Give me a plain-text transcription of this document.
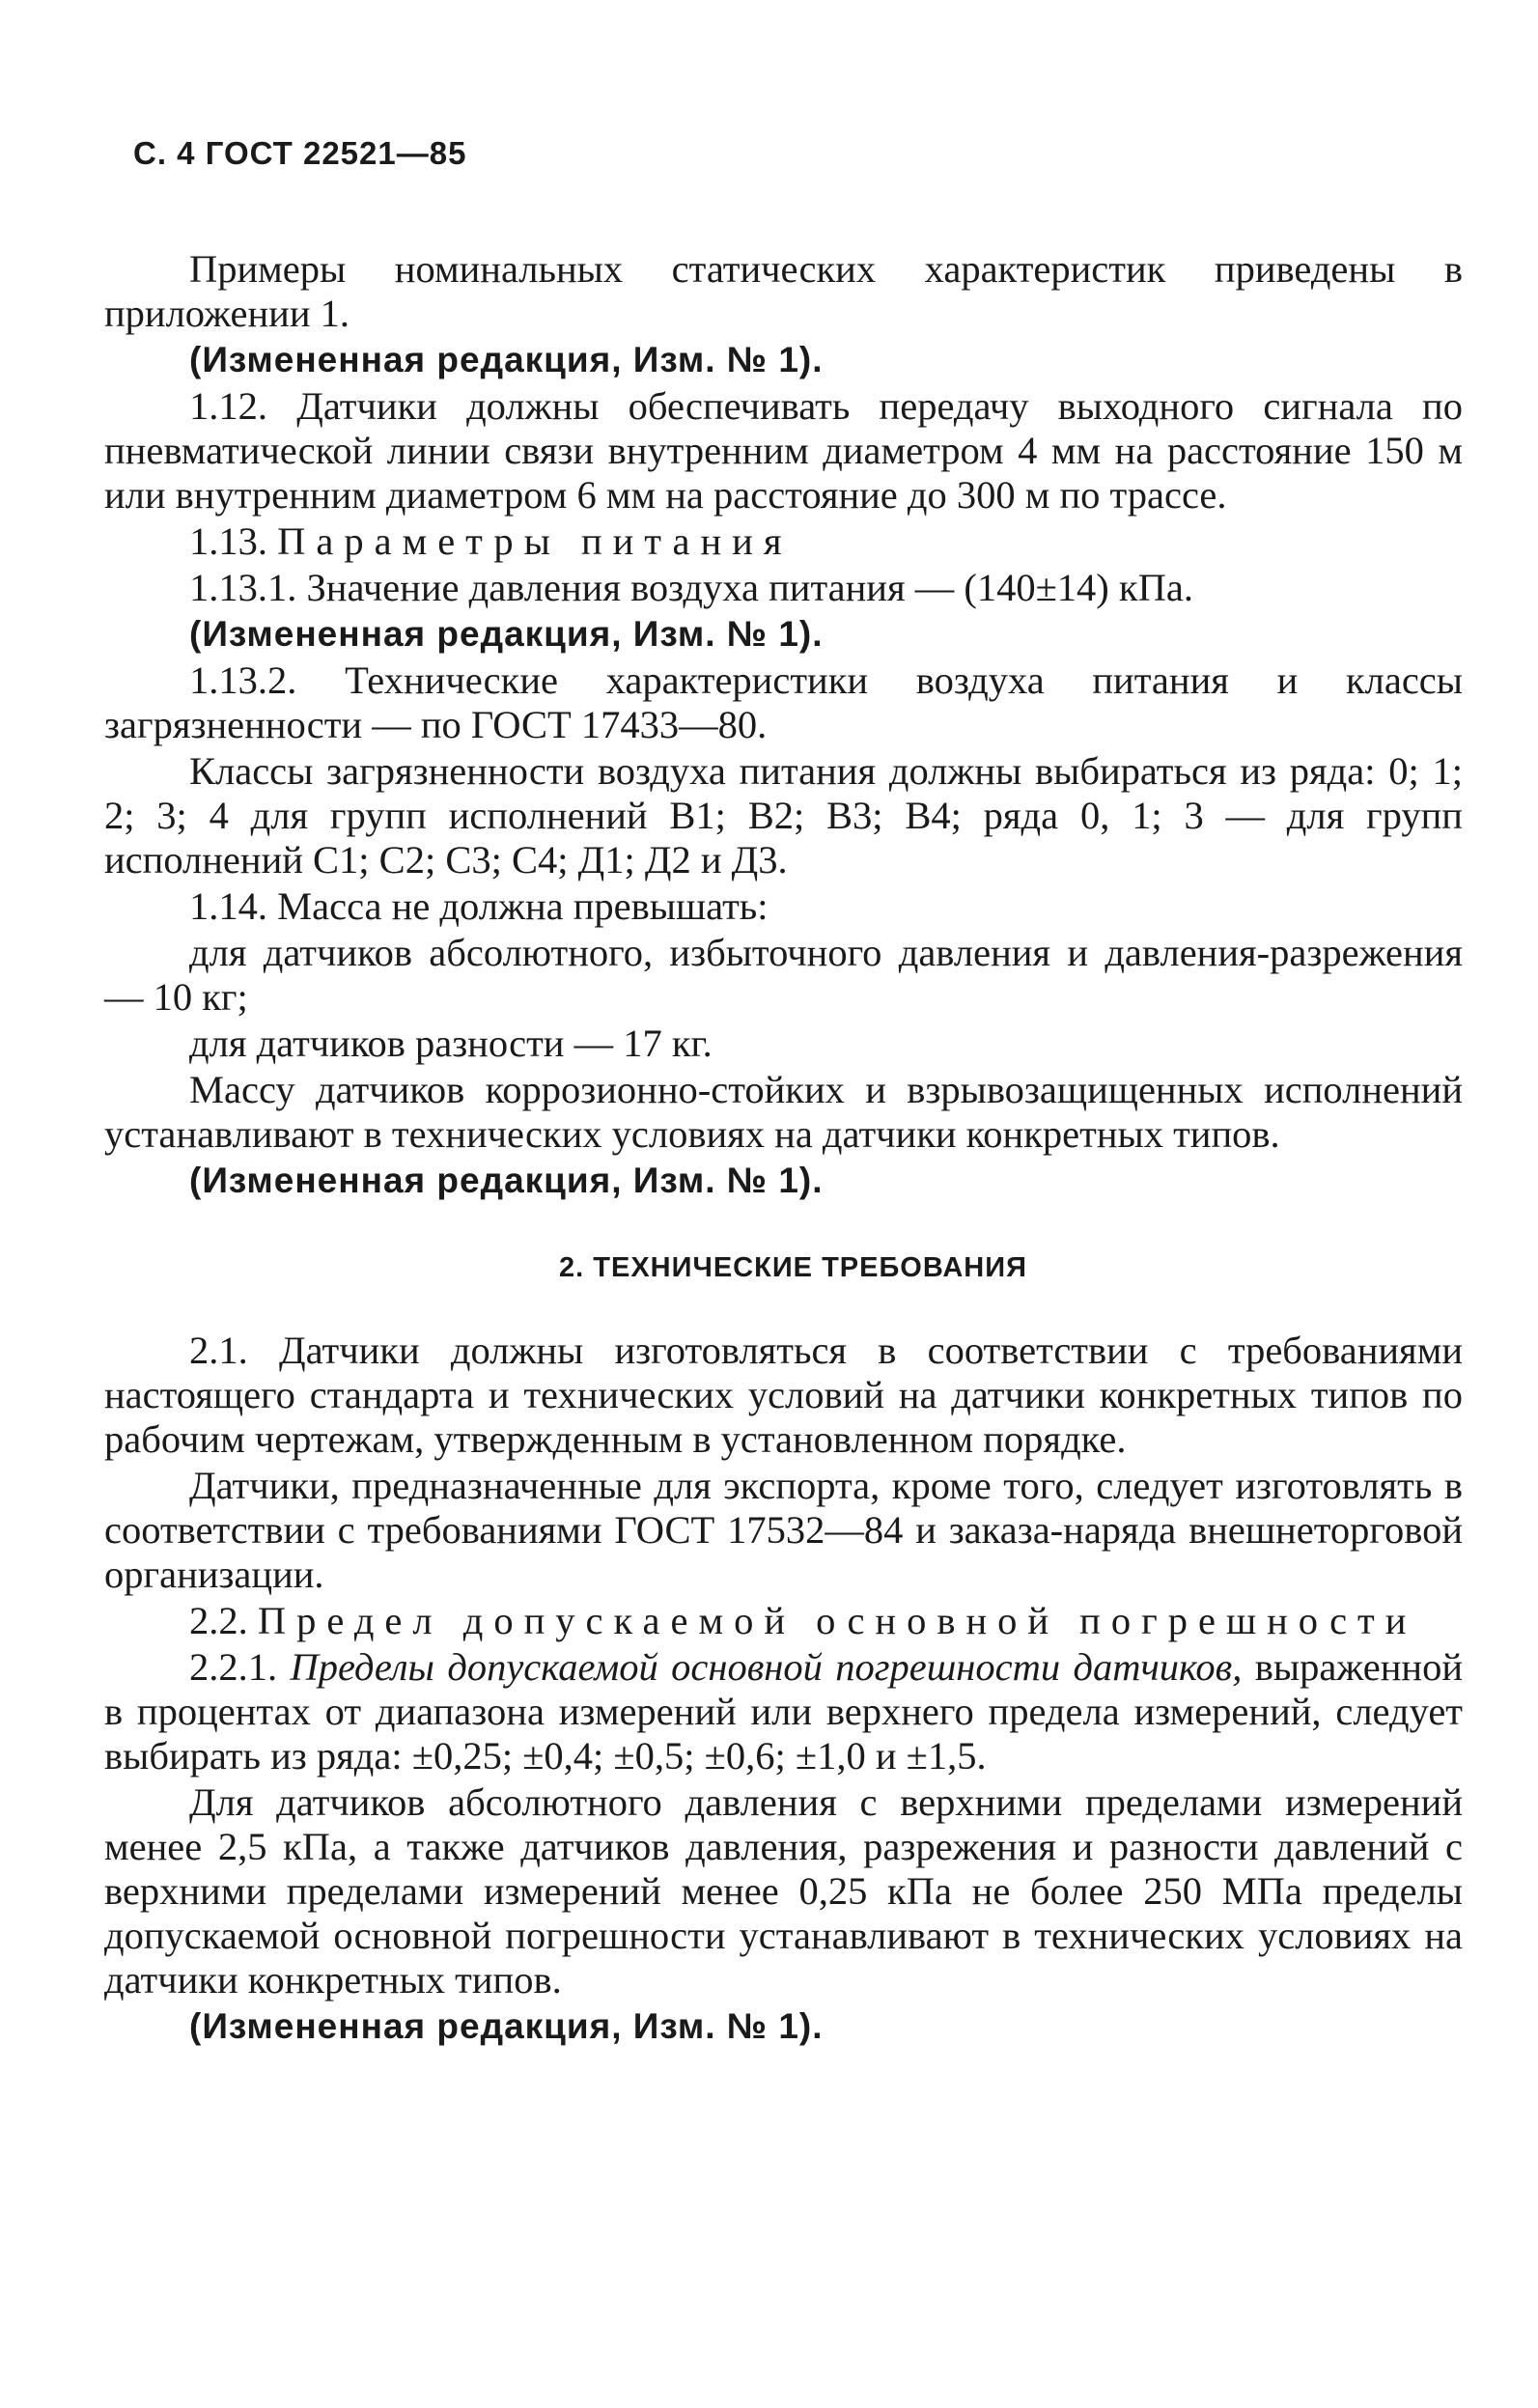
С. 4 ГОСТ 22521—85
Примеры номинальных статических характеристик приведены в приложении 1.
(Измененная редакция, Изм. № 1).
1.12. Датчики должны обеспечивать передачу выходного сигнала по пневматической линии связи внутренним диаметром 4 мм на расстояние 150 м или внутренним диаметром 6 мм на расстояние до 300 м по трассе.
1.13. Параметры питания
1.13.1. Значение давления воздуха питания — (140±14) кПа.
(Измененная редакция, Изм. № 1).
1.13.2. Технические характеристики воздуха питания и классы загрязненности — по ГОСТ 17433—80.
Классы загрязненности воздуха питания должны выбираться из ряда: 0; 1; 2; 3; 4 для групп исполнений В1; В2; В3; В4; ряда 0, 1; 3 — для групп исполнений С1; С2; С3; С4; Д1; Д2 и Д3.
1.14. Масса не должна превышать:
для датчиков абсолютного, избыточного давления и давления-разрежения — 10 кг;
для датчиков разности — 17 кг.
Массу датчиков коррозионно-стойких и взрывозащищенных исполнений устанавливают в технических условиях на датчики конкретных типов.
(Измененная редакция, Изм. № 1).
2. ТЕХНИЧЕСКИЕ ТРЕБОВАНИЯ
2.1. Датчики должны изготовляться в соответствии с требованиями настоящего стандарта и технических условий на датчики конкретных типов по рабочим чертежам, утвержденным в установленном порядке.
Датчики, предназначенные для экспорта, кроме того, следует изготовлять в соответствии с требованиями ГОСТ 17532—84 и заказа-наряда внешнеторговой организации.
2.2. Предел допускаемой основной погрешности
2.2.1. Пределы допускаемой основной погрешности датчиков, выраженной в процентах от диапазона измерений или верхнего предела измерений, следует выбирать из ряда: ±0,25; ±0,4; ±0,5; ±0,6; ±1,0 и ±1,5.
Для датчиков абсолютного давления с верхними пределами измерений менее 2,5 кПа, а также датчиков давления, разрежения и разности давлений с верхними пределами измерений менее 0,25 кПа не более 250 МПа пределы допускаемой основной погрешности устанавливают в технических условиях на датчики конкретных типов.
(Измененная редакция, Изм. № 1).
